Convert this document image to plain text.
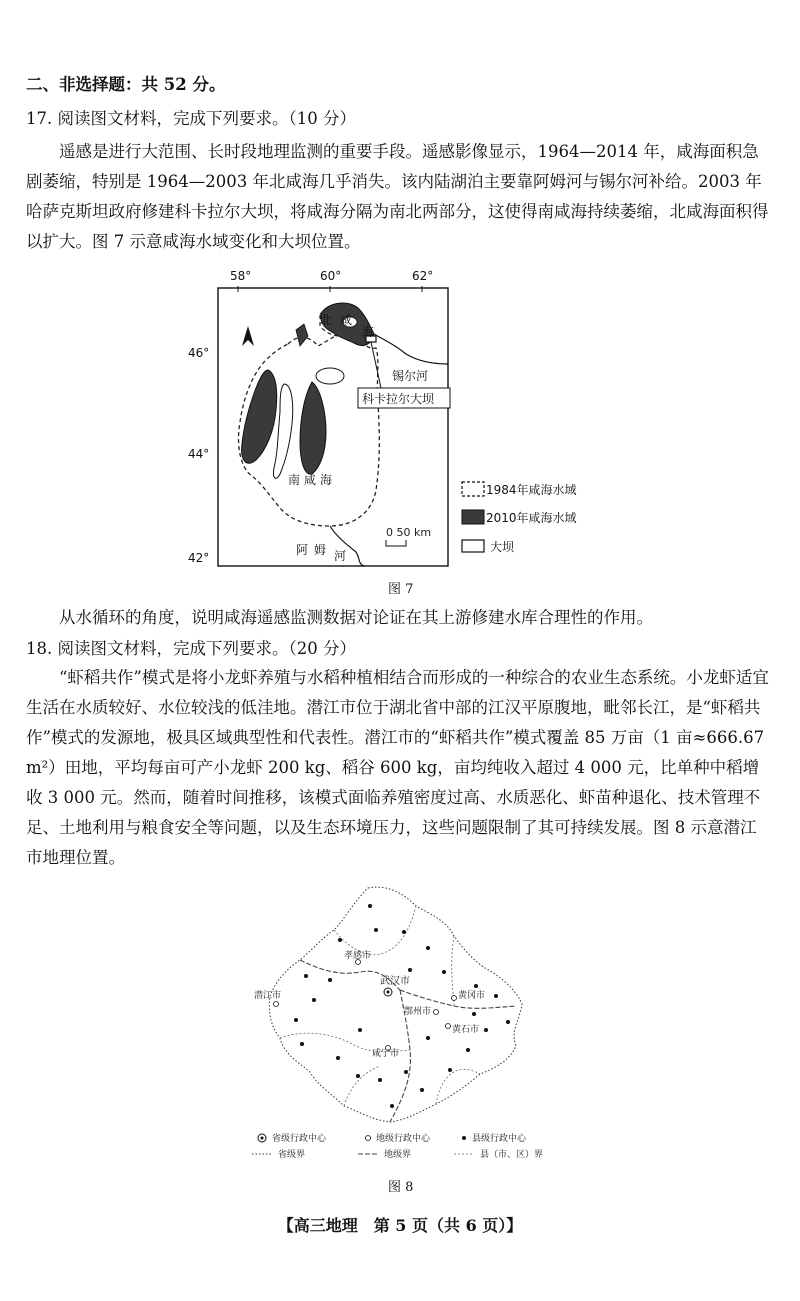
二、非选择题：共 52 分。
17. 阅读图文材料，完成下列要求。（10 分）
遥感是进行大范围、长时段地理监测的重要手段。遥感影像显示，1964—2014 年，咸海面积急剧萎缩，特别是 1964—2003 年北咸海几乎消失。该内陆湖泊主要靠阿姆河与锡尔河补给。2003 年哈萨克斯坦政府修建科卡拉尔大坝，将咸海分隔为南北两部分，这使得南咸海持续萎缩，北咸海面积得以扩大。图 7 示意咸海水域变化和大坝位置。
58°	60°	62°
46°
44°
42°
北 咸
海
锡尔河
科卡拉尔大坝
南 咸 海
阿 姆 河
0 50 km
1984年咸海水域
2010年咸海水域
大坝
图 7
从水循环的角度，说明咸海遥感监测数据对论证在其上游修建水库合理性的作用。
18. 阅读图文材料，完成下列要求。（20 分）
“虾稻共作”模式是将小龙虾养殖与水稻种植相结合而形成的一种综合的农业生态系统。小龙虾适宜生活在水质较好、水位较浅的低洼地。潜江市位于湖北省中部的江汉平原腹地，毗邻长江，是“虾稻共作”模式的发源地，极具区域典型性和代表性。潜江市的“虾稻共作”模式覆盖 85 万亩（1 亩≈666.67 m²）田地，平均每亩可产小龙虾 200 kg、稻谷 600 kg，亩均纯收入超过 4 000 元，比单种中稻增收 3 000 元。然而，随着时间推移，该模式面临养殖密度过高、水质恶化、虾苗种退化、技术管理不足、土地利用与粮食安全等问题，以及生态环境压力，这些问题限制了其可持续发展。图 8 示意潜江市地理位置。
武汉市
孝感市
黄冈市
鄂州市
黄石市
咸宁市
潜江市
省级行政中心	地级行政中心	县级行政中心
省级界	地级界	县（市、区）界
图 8
【高三地理　第 5 页（共 6 页）】
